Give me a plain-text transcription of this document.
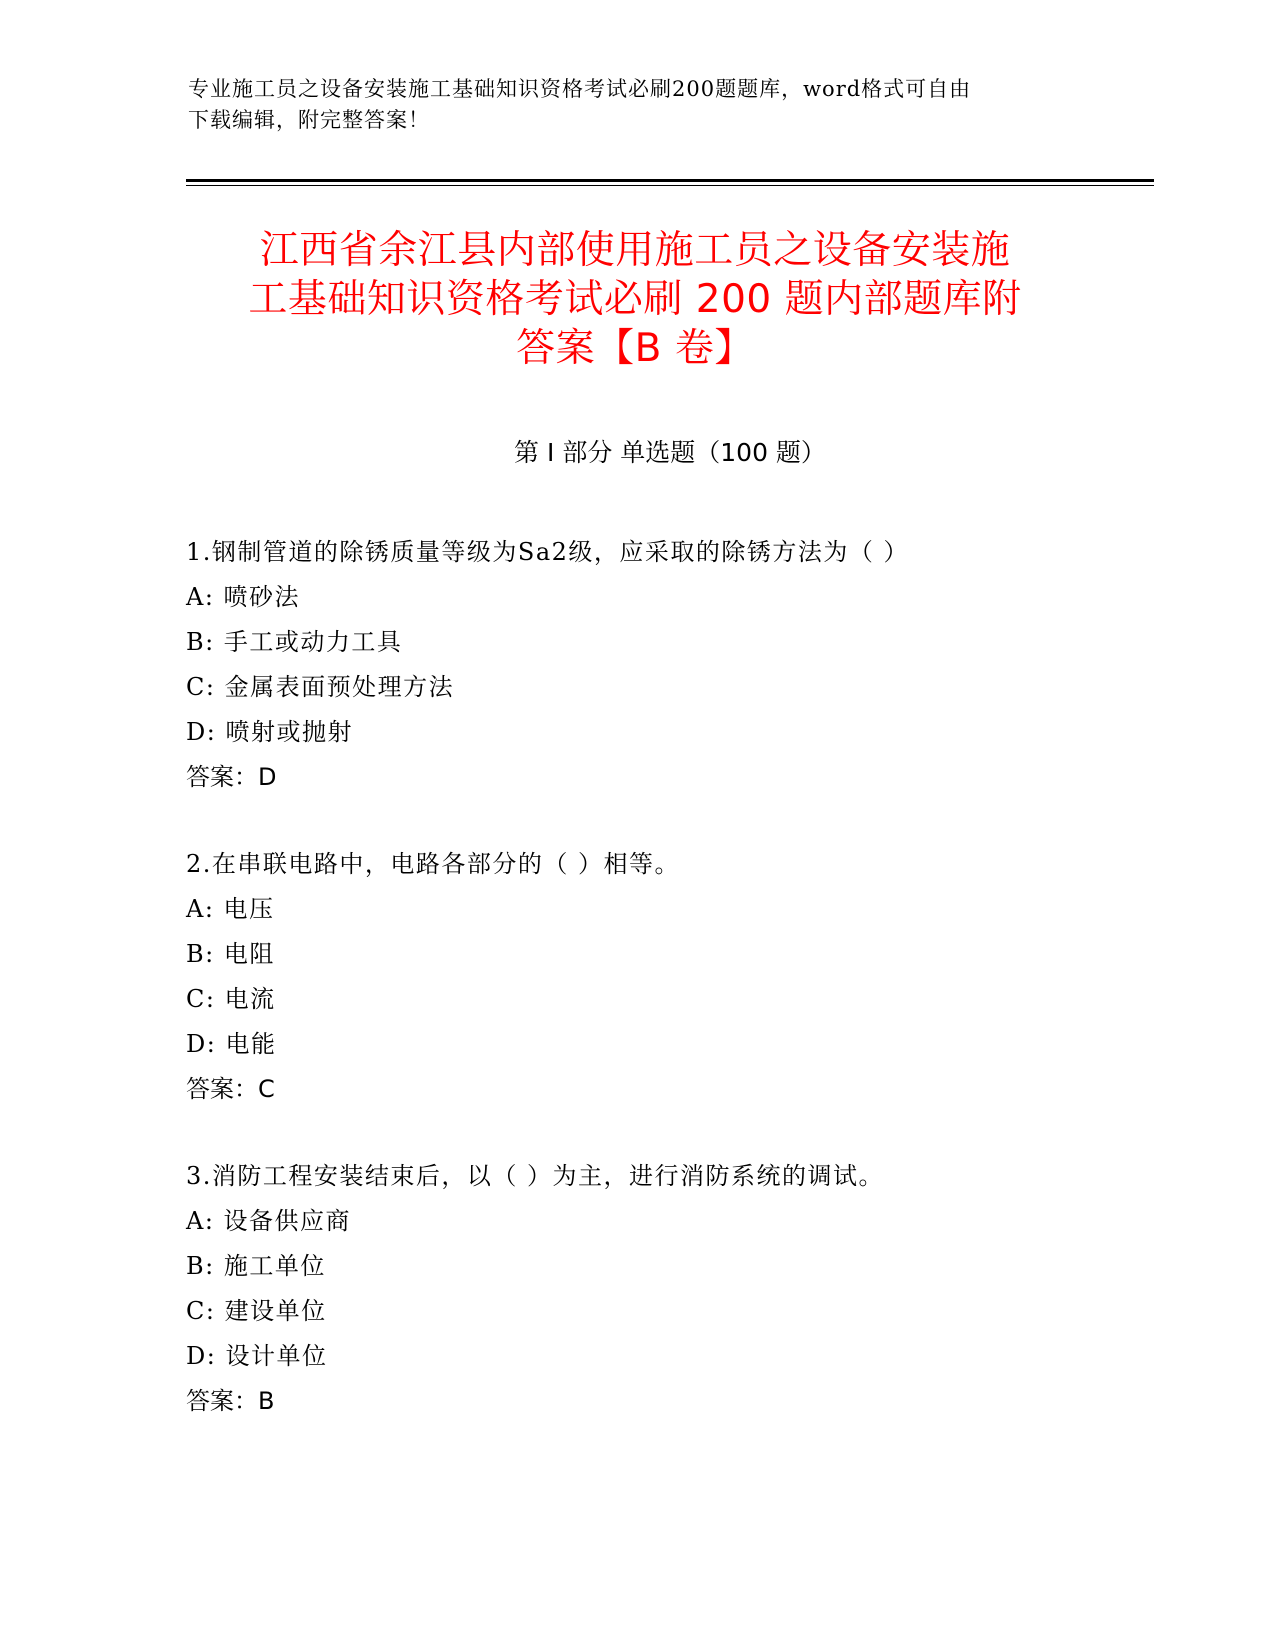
专业施工员之设备安装施工基础知识资格考试必刷200题题库，word格式可自由
下载编辑，附完整答案！
江西省余江县内部使用施工员之设备安装施
工基础知识资格考试必刷 200 题内部题库附
答案【B 卷】
第 I 部分 单选题（100 题）
1.钢制管道的除锈质量等级为Sa2级，应采取的除锈方法为（ ）
A: 喷砂法
B: 手工或动力工具
C: 金属表面预处理方法
D: 喷射或抛射
答案：D
2.在串联电路中，电路各部分的（ ）相等。
A: 电压
B: 电阻
C: 电流
D: 电能
答案：C
3.消防工程安装结束后，以（ ）为主，进行消防系统的调试。
A: 设备供应商
B: 施工单位
C: 建设单位
D: 设计单位
答案：B
